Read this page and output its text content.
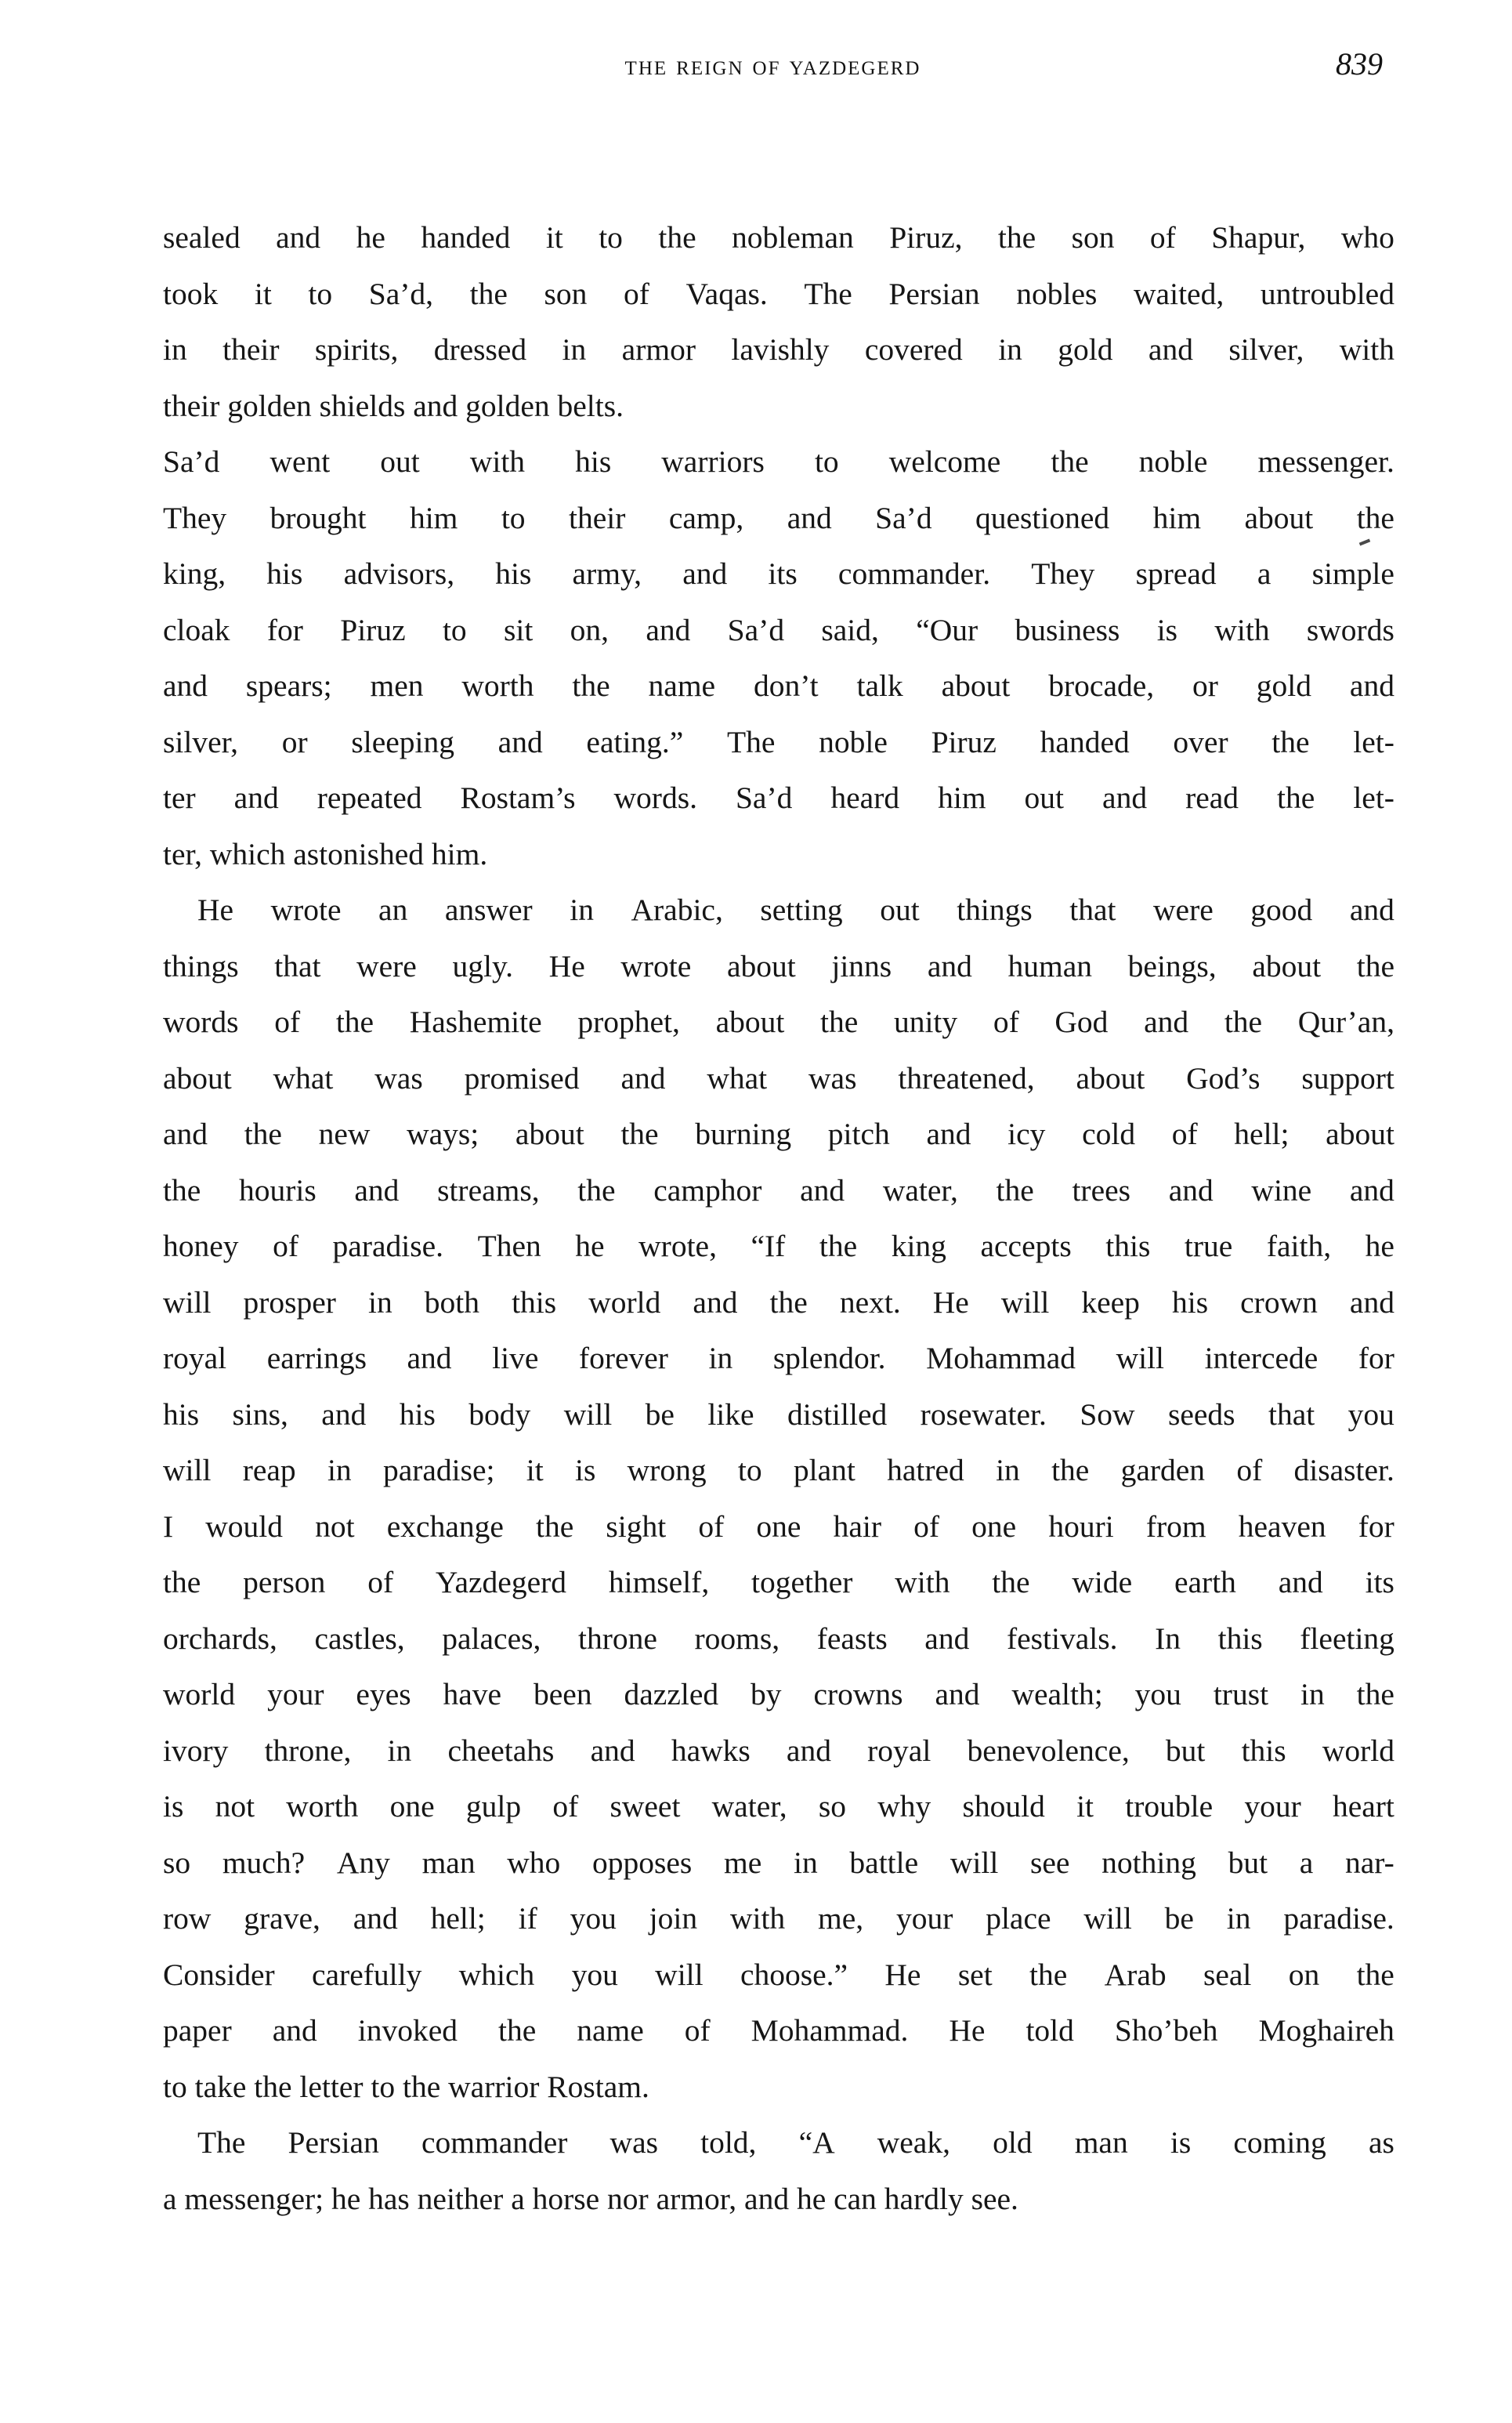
the reign of yazdegerd	839
sealed and he handed it to the nobleman Piruz, the son of Shapur, who
took it to Sa’d, the son of Vaqas. The Persian nobles waited, untroubled
in their spirits, dressed in armor lavishly covered in gold and silver, with
their golden shields and golden belts.
Sa’d went out with his warriors to welcome the noble messenger.
They brought him to their camp, and Sa’d questioned him about the
king, his advisors, his army, and its commander. They spread a simple
cloak for Piruz to sit on, and Sa’d said, “Our business is with swords
and spears; men worth the name don’t talk about brocade, or gold and
silver, or sleeping and eating.” The noble Piruz handed over the let-
ter and repeated Rostam’s words. Sa’d heard him out and read the let-
ter, which astonished him.
He wrote an answer in Arabic, setting out things that were good and
things that were ugly. He wrote about jinns and human beings, about the
words of the Hashemite prophet, about the unity of God and the Qur’an,
about what was promised and what was threatened, about God’s support
and the new ways; about the burning pitch and icy cold of hell; about
the houris and streams, the camphor and water, the trees and wine and
honey of paradise. Then he wrote, “If the king accepts this true faith, he
will prosper in both this world and the next. He will keep his crown and
royal earrings and live forever in splendor. Mohammad will intercede for
his sins, and his body will be like distilled rosewater. Sow seeds that you
will reap in paradise; it is wrong to plant hatred in the garden of disaster.
I would not exchange the sight of one hair of one houri from heaven for
the person of Yazdegerd himself, together with the wide earth and its
orchards, castles, palaces, throne rooms, feasts and festivals. In this fleeting
world your eyes have been dazzled by crowns and wealth; you trust in the
ivory throne, in cheetahs and hawks and royal benevolence, but this world
is not worth one gulp of sweet water, so why should it trouble your heart
so much? Any man who opposes me in battle will see nothing but a nar-
row grave, and hell; if you join with me, your place will be in paradise.
Consider carefully which you will choose.” He set the Arab seal on the
paper and invoked the name of Mohammad. He told Sho’beh Moghaireh
to take the letter to the warrior Rostam.
The Persian commander was told, “A weak, old man is coming as
a messenger; he has neither a horse nor armor, and he can hardly see.
